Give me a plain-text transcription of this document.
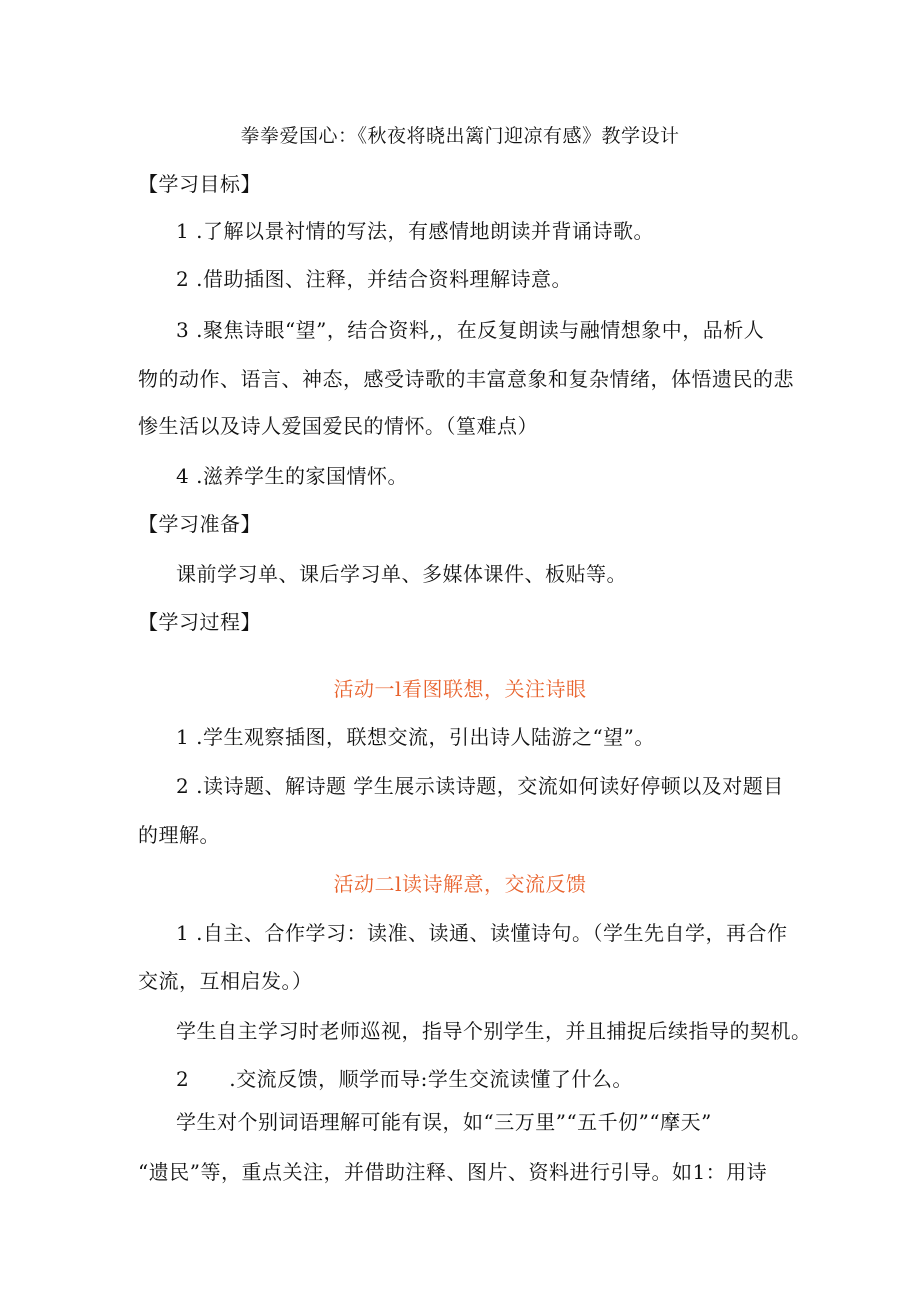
拳拳爱国心：《秋夜将晓出篱门迎凉有感》教学设计
【学习目标】
1 .了解以景衬情的写法，有感情地朗读并背诵诗歌。
2 .借助插图、注释，并结合资料理解诗意。
3 .聚焦诗眼“望”，结合资料,，在反复朗读与融情想象中，品析人
物的动作、语言、神态，感受诗歌的丰富意象和复杂情绪，体悟遗民的悲
惨生活以及诗人爱国爱民的情怀。（篁难点）
4 .滋养学生的家国情怀。
【学习准备】
课前学习单、课后学习单、多媒体课件、板贴等。
【学习过程】
活动一l看图联想，关注诗眼
1 .学生观察插图，联想交流，引出诗人陆游之“望”。
2 .读诗题、解诗题 学生展示读诗题，交流如何读好停顿以及对题目
的理解。
活动二l读诗解意，交流反馈
1 .自主、合作学习：读准、读通、读懂诗句。（学生先自学，再合作
交流，互相启发。）
学生自主学习时老师巡视，指导个别学生，并且捕捉后续指导的契机。
2 .交流反馈，顺学而导:学生交流读懂了什么。
学生对个别词语理解可能有误，如“三万里”“五千仞”“摩天”
“遗民”等，重点关注，并借助注释、图片、资料进行引导。如1：用诗
